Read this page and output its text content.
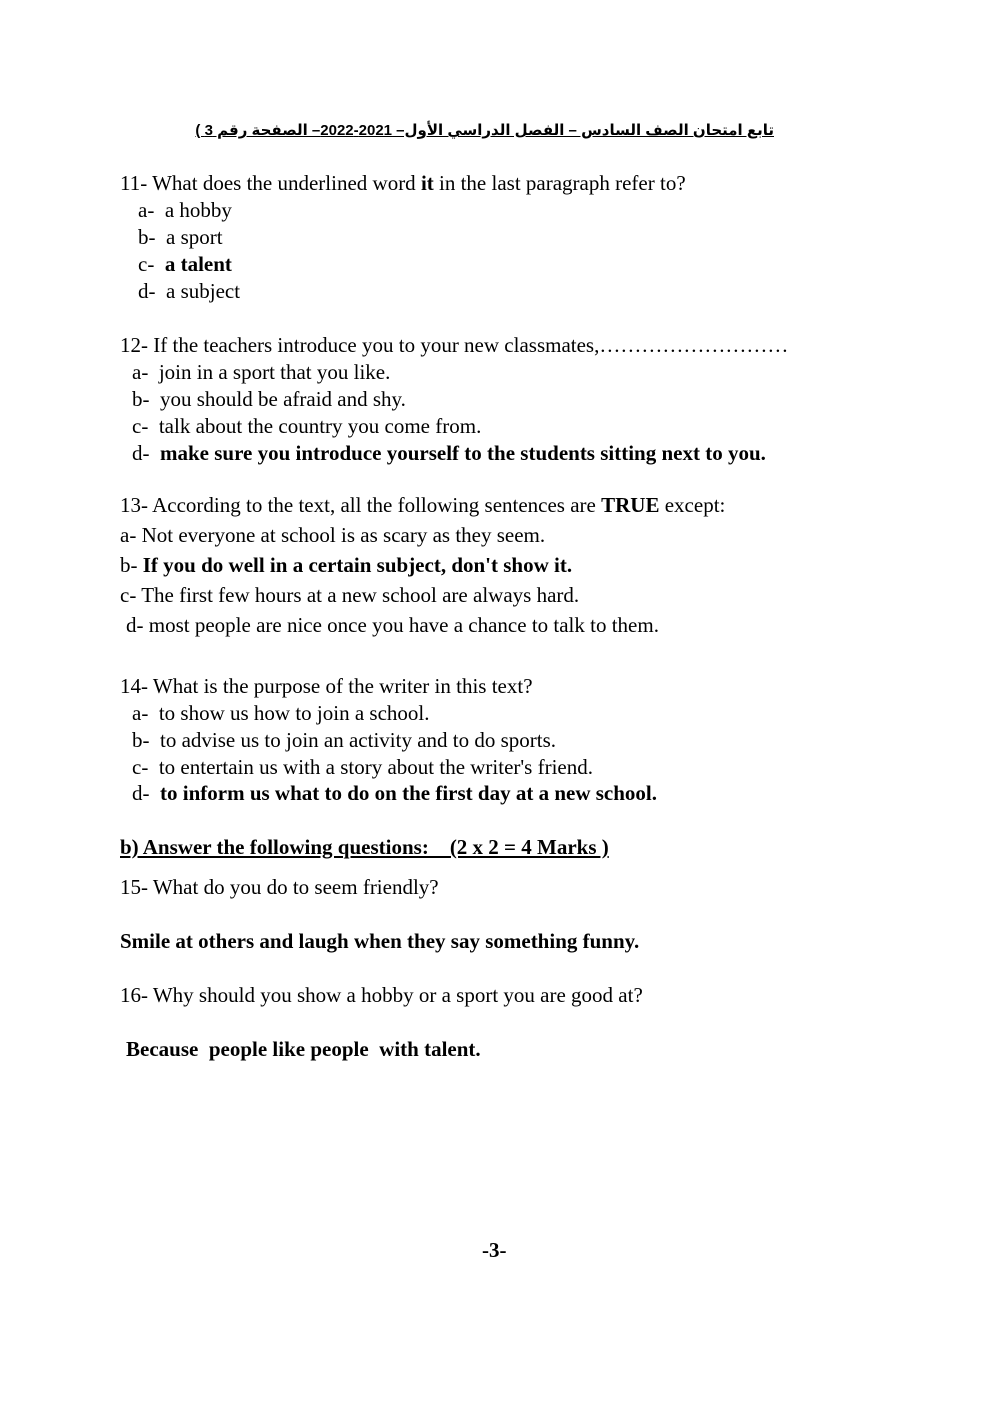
تابع امتحان الصف السادس – الفصل الدراسي الأول– 2021-2022– الصفحة رقم 3 )
11- What does the underlined word it in the last paragraph refer to?
a- a hobby
b- a sport
c- a talent
d- a subject
12- If the teachers introduce you to your new classmates,………………………
a- join in a sport that you like.
b- you should be afraid and shy.
c- talk about the country you come from.
d- make sure you introduce yourself to the students sitting next to you.
13- According to the text, all the following sentences are TRUE except:
a- Not everyone at school is as scary as they seem.
b- If you do well in a certain subject, don't show it.
c- The first few hours at a new school are always hard.
d- most people are nice once you have a chance to talk to them.
14- What is the purpose of the writer in this text?
a- to show us how to join a school.
b- to advise us to join an activity and to do sports.
c- to entertain us with a story about the writer's friend.
d- to inform us what to do on the first day at a new school.
b) Answer the following questions:    (2 x 2 = 4 Marks )
15- What do you do to seem friendly?
Smile at others and laugh when they say something funny.
16- Why should you show a hobby or a sport you are good at?
Because  people like people  with talent.
-3-
